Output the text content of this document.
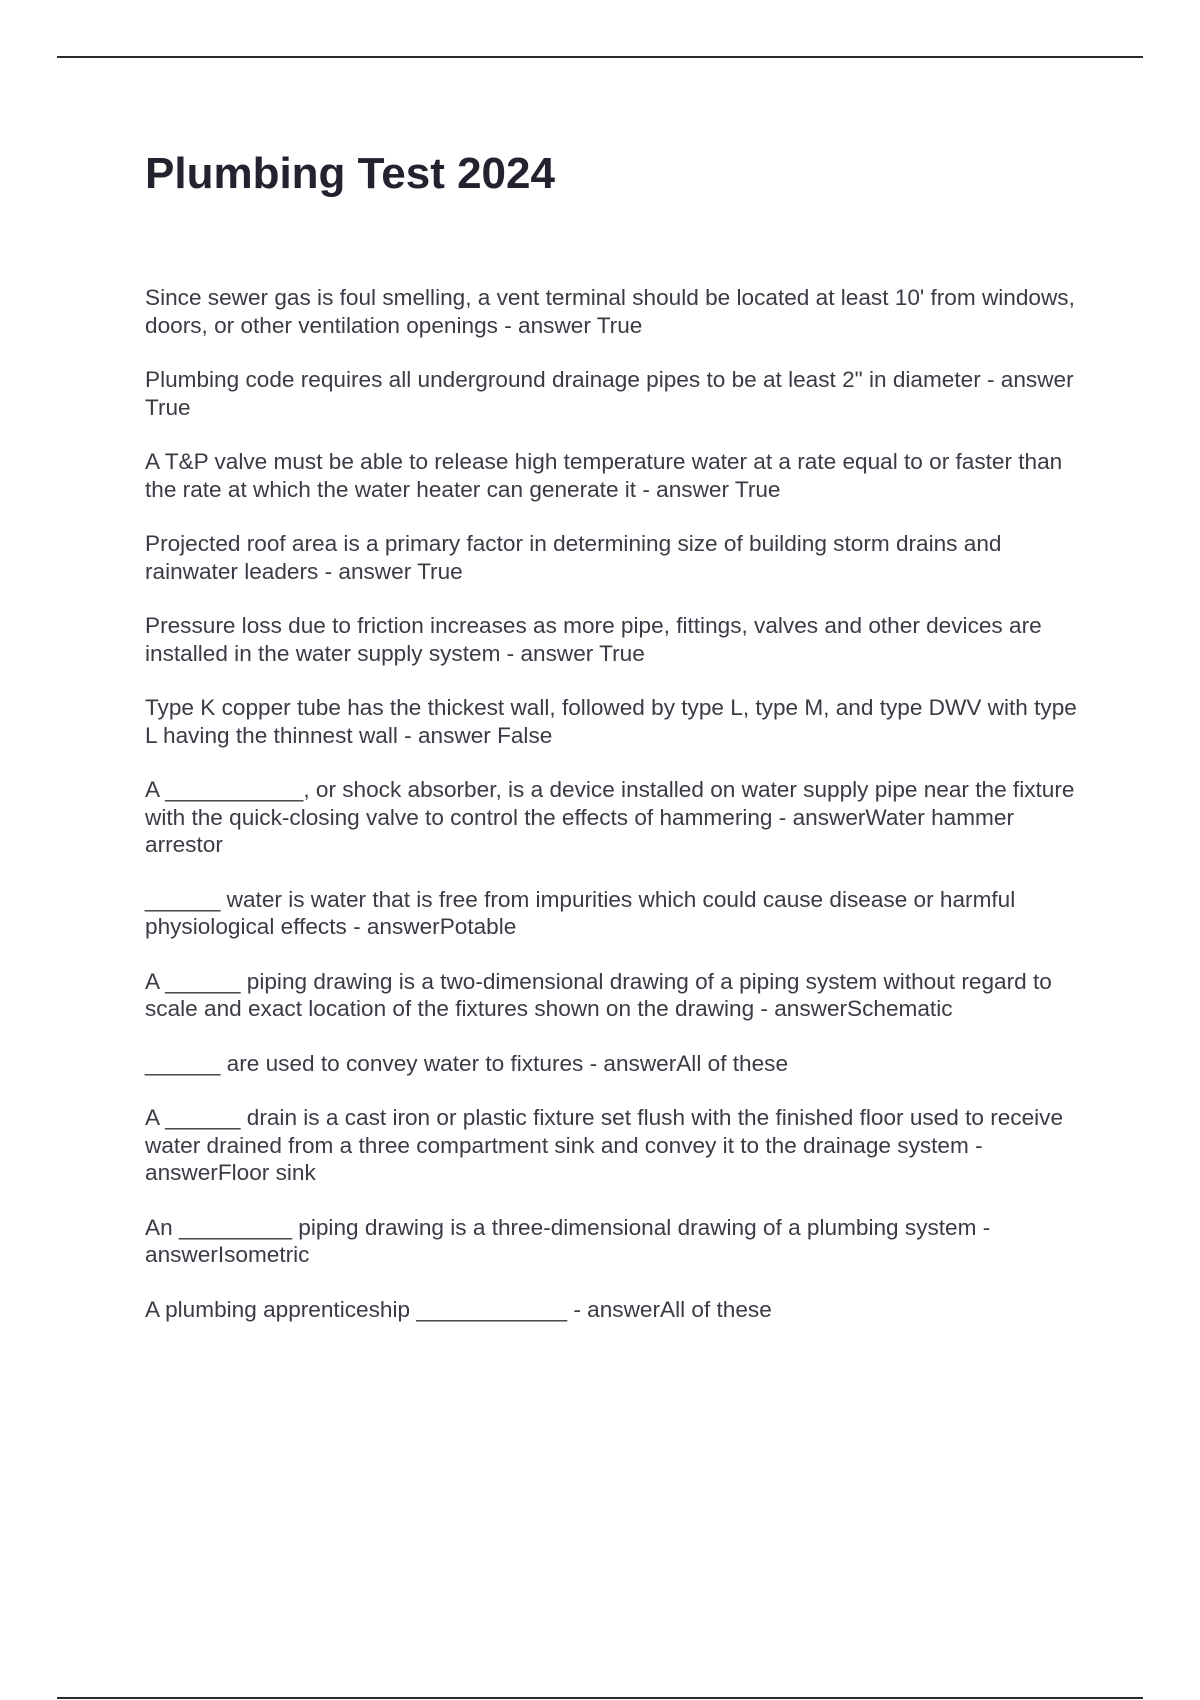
Plumbing Test 2024
Since sewer gas is foul smelling, a vent terminal should be located at least 10' from windows, doors, or other ventilation openings - answer True
Plumbing code requires all underground drainage pipes to be at least 2" in diameter - answer True
A T&P valve must be able to release high temperature water at a rate equal to or faster than the rate at which the water heater can generate it - answer True
Projected roof area is a primary factor in determining size of building storm drains and rainwater leaders - answer True
Pressure loss due to friction increases as more pipe, fittings, valves and other devices are installed in the water supply system - answer True
Type K copper tube has the thickest wall, followed by type L, type M, and type DWV with type L having the thinnest wall - answer False
A ___________, or shock absorber, is a device installed on water supply pipe near the fixture with the quick-closing valve to control the effects of hammering - answerWater hammer arrestor
______ water is water that is free from impurities which could cause disease or harmful physiological effects - answerPotable
A ______ piping drawing is a two-dimensional drawing of a piping system without regard to scale and exact location of the fixtures shown on the drawing - answerSchematic
______ are used to convey water to fixtures - answerAll of these
A ______ drain is a cast iron or plastic fixture set flush with the finished floor used to receive water drained from a three compartment sink and convey it to the drainage system - answerFloor sink
An _________ piping drawing is a three-dimensional drawing of a plumbing system - answerIsometric
A plumbing apprenticeship ____________ - answerAll of these
